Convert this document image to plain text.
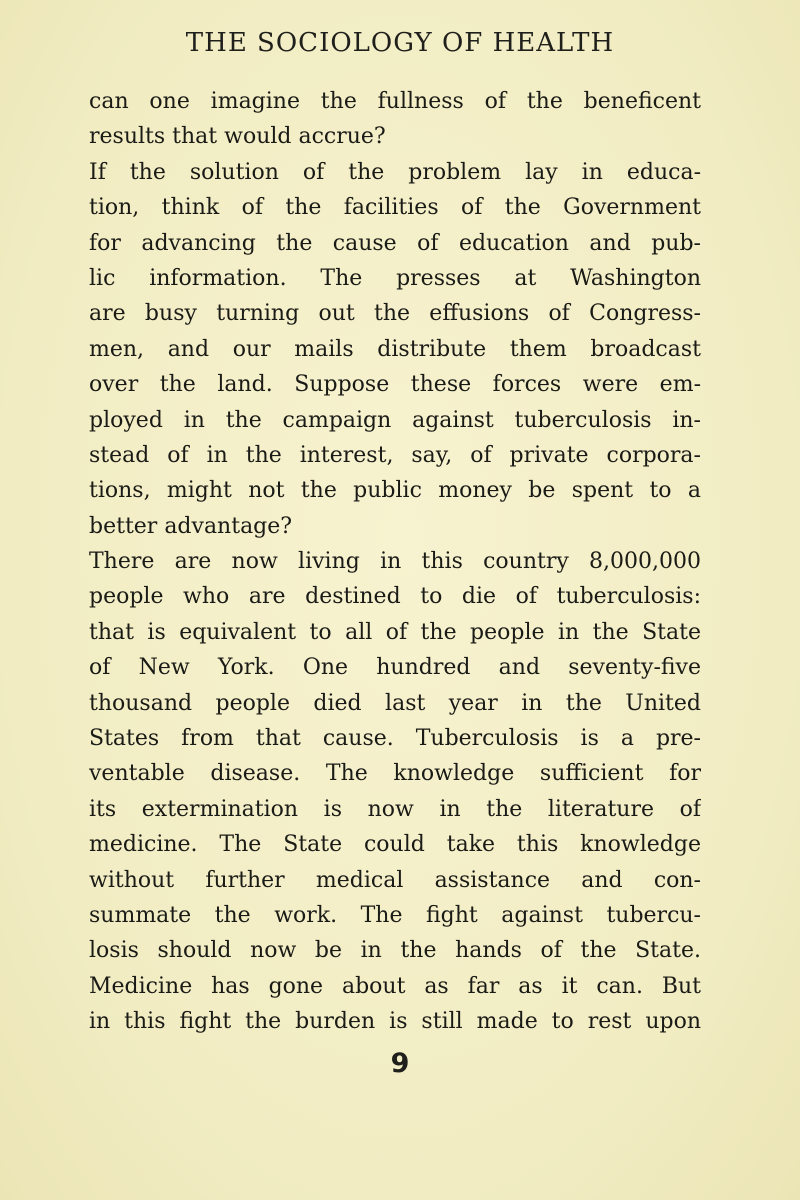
THE SOCIOLOGY OF HEALTH
can one imagine the fullness of the beneficent
results that would accrue?
If the solution of the problem lay in educa-
tion, think of the facilities of the Government
for advancing the cause of education and pub-
lic information. The presses at Washington
are busy turning out the effusions of Congress-
men, and our mails distribute them broadcast
over the land. Suppose these forces were em-
ployed in the campaign against tuberculosis in-
stead of in the interest, say, of private corpora-
tions, might not the public money be spent to a
better advantage?
There are now living in this country 8,000,000
people who are destined to die of tuberculosis:
that is equivalent to all of the people in the State
of New York. One hundred and seventy-five
thousand people died last year in the United
States from that cause. Tuberculosis is a pre-
ventable disease. The knowledge sufficient for
its extermination is now in the literature of
medicine. The State could take this knowledge
without further medical assistance and con-
summate the work. The fight against tubercu-
losis should now be in the hands of the State.
Medicine has gone about as far as it can. But
in this fight the burden is still made to rest upon
9
